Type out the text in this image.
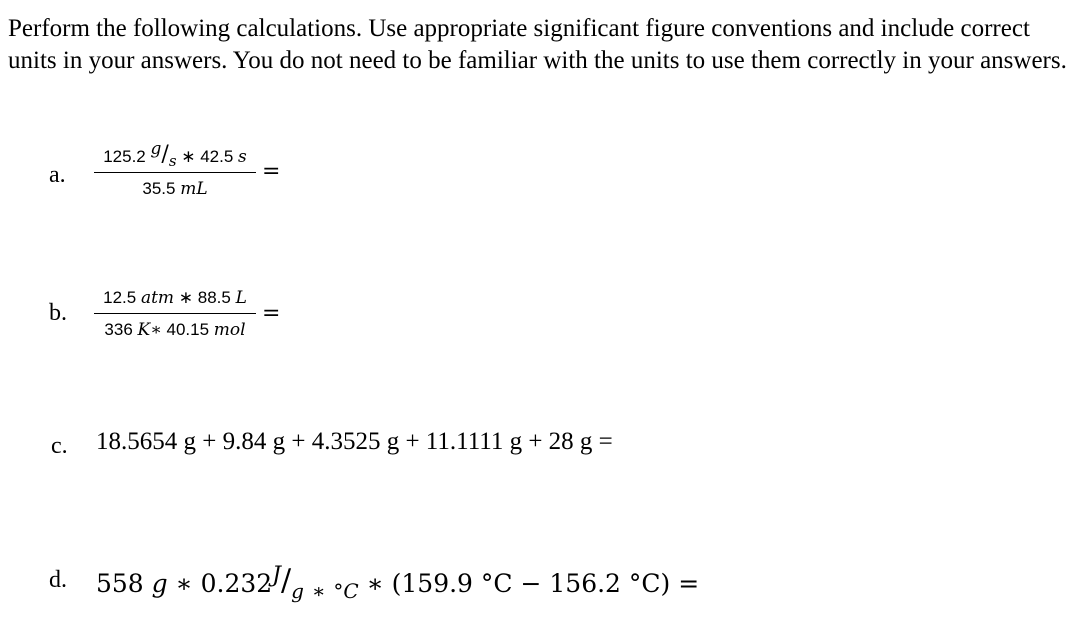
Perform the following calculations. Use appropriate significant figure conventions and include correct units in your answers. You do not need to be familiar with the units to use them correctly in your answers.
a.
125.2 g/s ∗ 42.5 s
35.5 mL
=
b.
12.5 atm ∗ 88.5 L
336 K∗ 40.15 mol
=
c. 18.5654 g + 9.84 g + 4.3525 g + 11.1111 g + 28 g =
d. 558 g ∗ $0.232J/_g$ $_∗$ $_{^\circ C}$ ∗ (159.9 °C − 156.2 °C) =
